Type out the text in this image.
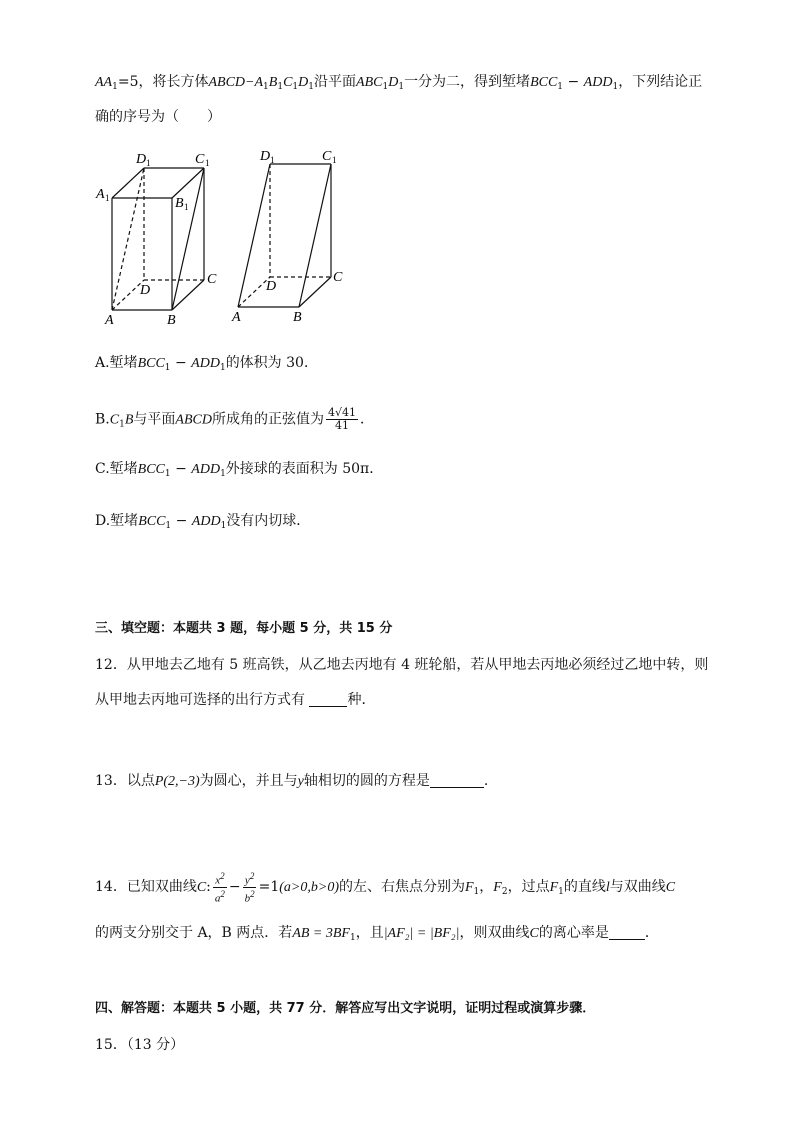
$AA_1=5$，将长方体$ABCD-A_1B_1C_1D_1$沿平面$ABC_1D_1$一分为二，得到堑堵$BCC_1 - ADD_1$，下列结论正
确的序号为（　　）
D 1	C 1
A 1	B 1
D
C
A	B
D 1	C 1
D
C
A	B
A.堑堵$BCC_1 - ADD_1$的体积为 30．
$B.C_1B$与平面ABCD所成角的正弦值为 $\frac{4√41}{41}$ ．
C.堑堵$BCC_1 - ADD_1$外接球的表面积为 50π．
D.堑堵$BCC_1 - ADD_1$没有内切球．
三、填空题：本题共 3 题，每小题 5 分，共 15 分
12．从甲地去乙地有 5 班高铁，从乙地去丙地有 4 班轮船，若从甲地去丙地必须经过乙地中转，则
从甲地去丙地可选择的出行方式有	种．
13．以点P(2,−3)为圆心，并且与y轴相切的圆的方程是	.
14．已知双曲线C: $\frac{x^2}{a^2} - \frac{y^2}{b^2} =1(a>0,b>0)$的左、右焦点分别为$F_1$，$F_2$，过点$F_1$的直线l与双曲线C
的两支分别交于 A，B 两点．若AB = $3BF_1$，且|AF₂| = |BF₂|，则双曲线C的离心率是	．
四、解答题：本题共 5 小题，共 77 分．解答应写出文字说明，证明过程或演算步骤．
15．（13 分）
